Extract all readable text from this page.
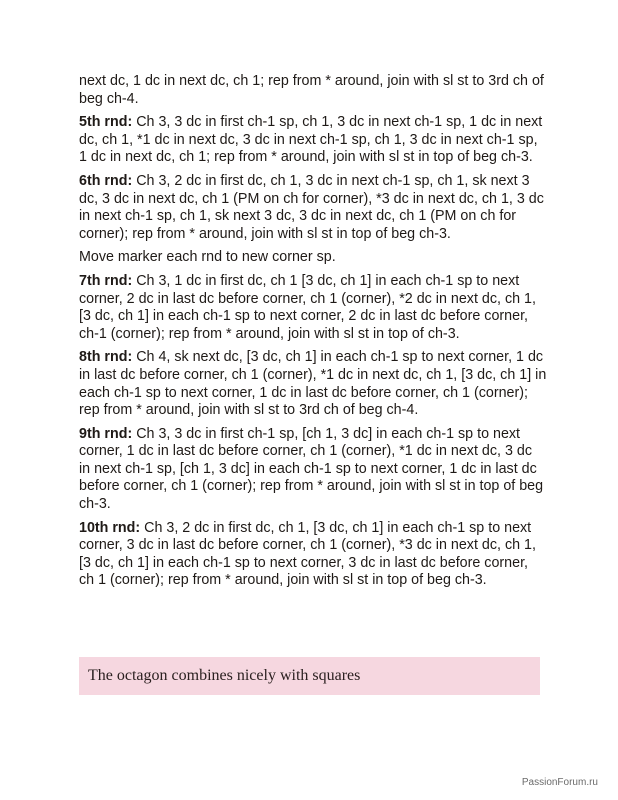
next dc, 1 dc in next dc, ch 1; rep from * around, join with sl st to 3rd ch of beg ch-4.

5th rnd: Ch 3, 3 dc in first ch-1 sp, ch 1, 3 dc in next ch-1 sp, 1 dc in next dc, ch 1, *1 dc in next dc, 3 dc in next ch-1 sp, ch 1, 3 dc in next ch-1 sp, 1 dc in next dc, ch 1; rep from * around, join with sl st in top of beg ch-3.

6th rnd: Ch 3, 2 dc in first dc, ch 1, 3 dc in next ch-1 sp, ch 1, sk next 3 dc, 3 dc in next dc, ch 1 (PM on ch for corner), *3 dc in next dc, ch 1, 3 dc in next ch-1 sp, ch 1, sk next 3 dc, 3 dc in next dc, ch 1 (PM on ch for corner); rep from * around, join with sl st in top of beg ch-3.

Move marker each rnd to new corner sp.

7th rnd: Ch 3, 1 dc in first dc, ch 1 [3 dc, ch 1] in each ch-1 sp to next corner, 2 dc in last dc before corner, ch 1 (corner), *2 dc in next dc, ch 1, [3 dc, ch 1] in each ch-1 sp to next corner, 2 dc in last dc before corner, ch-1 (corner); rep from * around, join with sl st in top of ch-3.

8th rnd: Ch 4, sk next dc, [3 dc, ch 1] in each ch-1 sp to next corner, 1 dc in last dc before corner, ch 1 (corner), *1 dc in next dc, ch 1, [3 dc, ch 1] in each ch-1 sp to next corner, 1 dc in last dc before corner, ch 1 (corner); rep from * around, join with sl st to 3rd ch of beg ch-4.

9th rnd: Ch 3, 3 dc in first ch-1 sp, [ch 1, 3 dc] in each ch-1 sp to next corner, 1 dc in last dc before corner, ch 1 (corner), *1 dc in next dc, 3 dc in next ch-1 sp, [ch 1, 3 dc] in each ch-1 sp to next corner, 1 dc in last dc before corner, ch 1 (corner); rep from * around, join with sl st in top of beg ch-3.

10th rnd: Ch 3, 2 dc in first dc, ch 1, [3 dc, ch 1] in each ch-1 sp to next corner, 3 dc in last dc before corner, ch 1 (corner), *3 dc in next dc, ch 1, [3 dc, ch 1] in each ch-1 sp to next corner, 3 dc in last dc before corner, ch 1 (corner); rep from * around, join with sl st in top of beg ch-3.

The octagon combines nicely with squares
PassionForum.ru
